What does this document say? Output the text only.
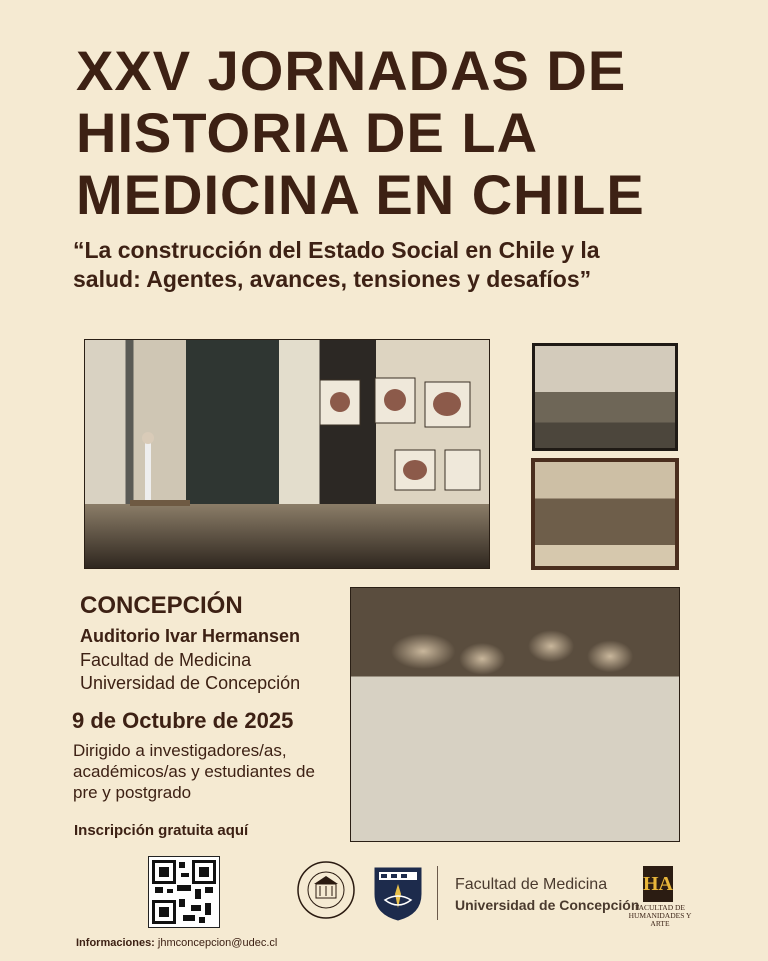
XXV JORNADAS DE HISTORIA DE LA MEDICINA EN CHILE

“La construcción del Estado Social en Chile y la salud: Agentes, avances, tensiones y desafíos”

CONCEPCIÓN
Auditorio Ivar Hermansen
Facultad de Medicina
Universidad de Concepción
9 de Octubre de 2025

Dirigido a investigadores/as, académicos/as y estudiantes de pre y postgrado

Inscripción gratuita aquí
Informaciones: jhmconcepcion@udec.cl
Facultad de Medicina
Universidad de Concepción
HA
FACULTAD DE HUMANIDADES Y ARTE
